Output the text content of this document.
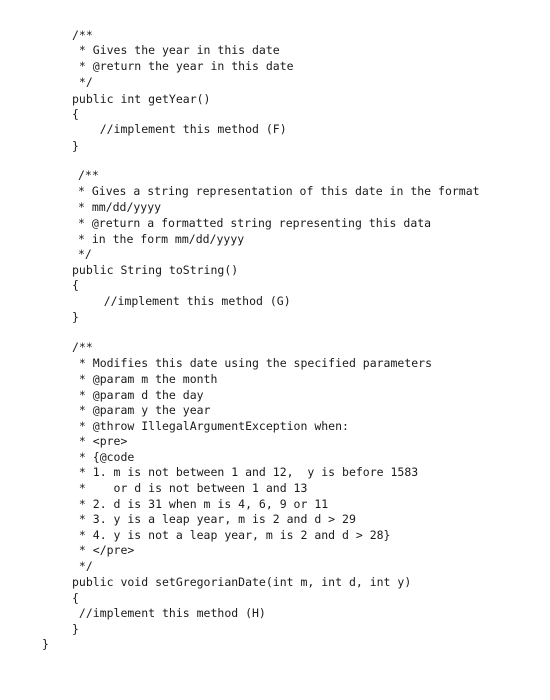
/**
* Gives the year in this date
* @return the year in this date
*/
public int getYear()
{
//implement this method (F)
}
/**
* Gives a string representation of this date in the format
* mm/dd/yyyy
* @return a formatted string representing this data
* in the form mm/dd/yyyy
*/
public String toString()
{
//implement this method (G)
}
/**
* Modifies this date using the specified parameters
* @param m the month
* @param d the day
* @param y the year
* @throw IllegalArgumentException when:
* <pre>
* {@code
* 1. m is not between 1 and 12,  y is before 1583
*    or d is not between 1 and 13
* 2. d is 31 when m is 4, 6, 9 or 11
* 3. y is a leap year, m is 2 and d > 29
* 4. y is not a leap year, m is 2 and d > 28}
* </pre>
*/
public void setGregorianDate(int m, int d, int y)
{
//implement this method (H)
}
}
